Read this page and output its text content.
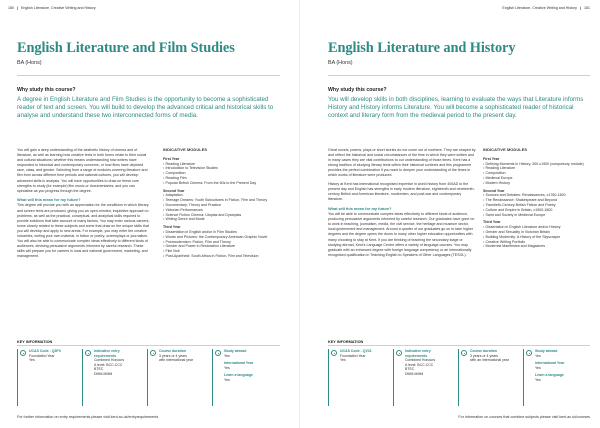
180 | English Literature, Creative Writing and History
English Literature and Film Studies
BA (Hons)
Why study this course?

A degree in English Literature and Film Studies is the opportunity to become a sophisticated reader of text and screen. You will build to develop the advanced critical and historical skills to analyse and understand these two interconnected forms of media.

You will gain a deep understanding of the aesthetic history of cinema and of literature, as well as learning how creative texts in both forms relate to their social and cultural situations; whether this means understanding how writers have responded to historical and contemporary concerns, or how films have depicted race, class, and gender. Selecting from a range of modules covering literature and film from across different time periods and national cultures, you will develop advanced skills in analysis. You will have opportunities to draw on these core strengths to study (for example) film music or documentaries; and you can specialise as you progress through the degree.

What will this mean for my future?

This degree will provide you with an appreciation for the conditions in which literary and screen texts are produced, giving you an open-minded, inquisitive approach to problems, as well as the practical, conceptual, and analytical skills required to provide solutions that take account of many factors. You may enter various careers, some closely related to these subjects and some that draw on the unique skills that you will develop and apply to new areas. For example, you may enter the creative industries, writing your own material, in fiction or poetry, screenplays or journalism. You will also be able to communicate complex ideas effectively to different kinds of audiences, devising persuasive arguments informed by careful research. These skills will prepare you for careers in local and national government, marketing, and management.

INDICATIVE MODULES
First Year
• Reading Literature
• Introduction to Television Studies
• Composition
• Reading Film
• Popular British Cinema: From the 60s to the Present Day
Second Year
• Adaptation
• Teenage Dreams: Youth Subcultures in Fiction, Film and Theory
• Documentary: Theory and Practice
• Victorian Performances
• Science Fiction Cinema: Utopias and Dystopias
• Writing Genre and Mode
Third Year
• Dissertation in English and/or in Film Studies
• Words and Pictures: the Contemporary American Graphic Novel
• Postmodernism: Fiction, Film and Theory
• Gender and Power in Restoration Literature
• Film Noir
• Post-Apartheid: South Africa in Fiction, Film and Television
KEY INFORMATION
UCAS Code - Q3P3
Foundation Year
Yes
Indicative entry requirements
Combined Honours
A level: BCC-CCC
BTEC
DMM-MMM
Course duration
3 years or 4 years
with international year
Study abroad
Yes
International Year
Yes
Learn a language
Yes
For further information on entry requirements please visit kent.ac.uk/entryrequirements
English Literature, Creative Writing and History | 181
English Literature and History
BA (Hons)
Why study this course?

You will develop skills in both disciplines, learning to evaluate the ways that Literature informs History and History informs Literature. You will become a sophisticated reader of historical context and literary form from the medieval period to the present day.

Great novels, poems, plays or short stories do not come out of nowhere. They are shaped by and reflect the historical and social circumstances of the time in which they were written and in many cases they are vital contributions to our understanding of those times. Kent has a strong tradition of studying literary texts within their historical contexts and this programme provides the perfect combination if you want to deepen your understanding of the times in which works of literature were produced.

History at Kent has international recognised expertise in world history from 400AD to the present day and English has strengths in early modern literature, eighteenth and nineteenth-century British and American literature, modernism, and post-war and contemporary literature.

What will this mean for my future?

You will be able to communicate complex ideas effectively to different kinds of audience, producing persuasive arguments informed by careful research. Our graduates have gone on to work in teaching, journalism, media, the civil service, the heritage and museum sector, local government and management. Around a quarter of our graduates go on to take higher degrees and the degree opens the doors to many other higher education opportunities with many choosing to stay at Kent. If you are thinking of teaching the secondary stage or studying abroad, Kent's Language Centre offers a variety of language courses. You may graduate with an enhanced degree with foreign language competency or an internationally recognised qualification in Teaching English to Speakers of Other Languages (TESOL).

INDICATIVE MODULES
First Year
• Defining Moments in History, 300-c1900 (compulsory module)
• Reading Literature
• Composition
• Medieval Europe
• Modern History
Second Year
• Sources and Debates: Renaissances, c1760-1820
• The Renaissance: Shakespeare and Beyond
• Twentieth-Century British Fiction and Poetry
• Culture and Empire in Britain, c1500-1800
• Saint and Society in Medieval Europe
Third Year
• Dissertation in English Literature and/or History
• Gender and Sexuality in Victorian Britain
• Building Modernity: A History of the Skyscraper
• Creative Writing Portfolio
• Modernist Manifestos and Magazines
KEY INFORMATION
UCAS Code - QV31
Foundation Year
Yes
Indicative entry requirements
Combined Honours
A level: BCC-CCC
BTEC
DMM-MMM
Course duration
3 years or 4 years
with an international year
Study abroad
Yes
International Year
Yes
Learn a language
Yes
For information on courses that combine subjects please visit kent.ac.uk/courses
